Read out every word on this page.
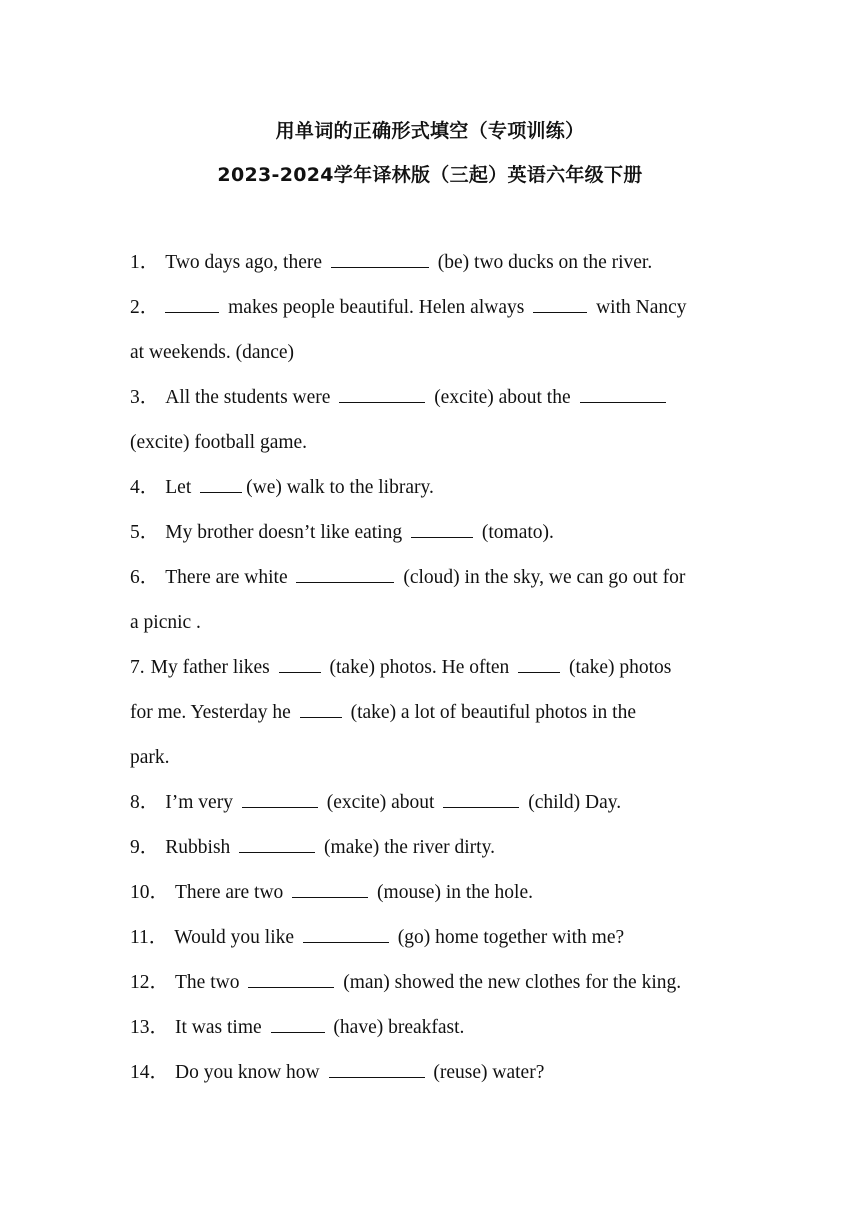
用单词的正确形式填空（专项训练）
2023-2024学年译林版（三起）英语六年级下册
1． Two days ago, there	(be) two ducks on the river.
2．	makes people beautiful. Helen always	with Nancy
at weekends. (dance)
3． All the students were	(excite) about the
(excite) football game.
4． Let	(we) walk to the library.
5． My brother doesn’t like eating	(tomato).
6． There are white	(cloud) in the sky, we can go out for
a picnic .
7. My father likes	(take) photos. He often	(take) photos
for me. Yesterday he	(take) a lot of beautiful photos in the
park.
8． I’m very	(excite) about	(child) Day.
9． Rubbish	(make) the river dirty.
10． There are two	(mouse) in the hole.
11． Would you like	(go) home together with me?
12． The two	(man) showed the new clothes for the king.
13． It was time	(have) breakfast.
14． Do you know how	(reuse) water?
